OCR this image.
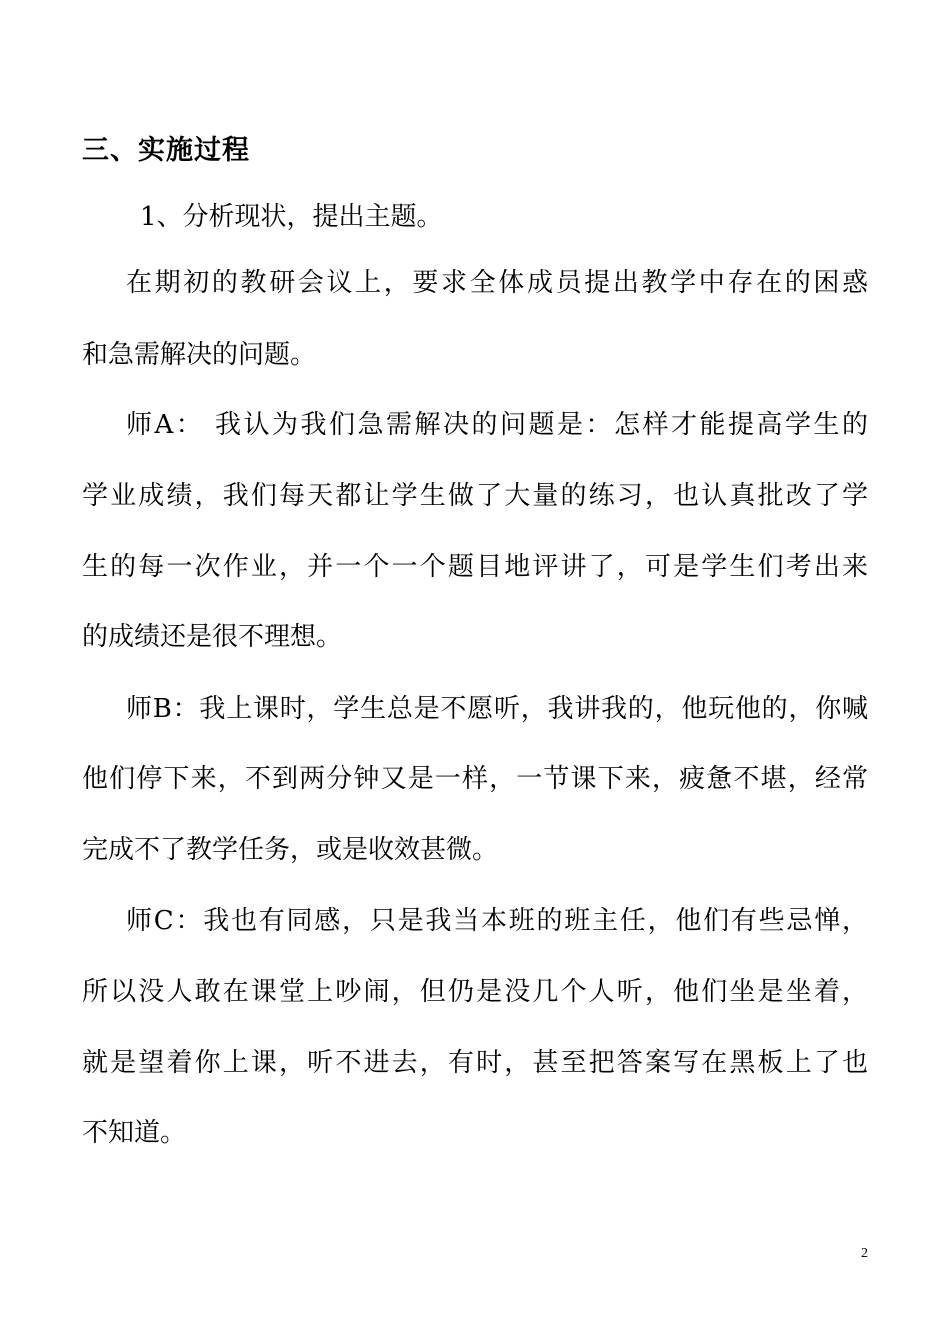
三、实施过程
1、分析现状，提出主题。
在期初的教研会议上，要求全体成员提出教学中存在的困惑
和急需解决的问题。
师A： 我认为我们急需解决的问题是：怎样才能提高学生的
学业成绩，我们每天都让学生做了大量的练习，也认真批改了学
生的每一次作业，并一个一个题目地评讲了，可是学生们考出来
的成绩还是很不理想。
师B：我上课时，学生总是不愿听，我讲我的，他玩他的，你喊
他们停下来，不到两分钟又是一样，一节课下来，疲惫不堪，经常
完成不了教学任务，或是收效甚微。
师C：我也有同感，只是我当本班的班主任，他们有些忌惮，
所以没人敢在课堂上吵闹，但仍是没几个人听，他们坐是坐着，
就是望着你上课，听不进去，有时，甚至把答案写在黑板上了也
不知道。
2
